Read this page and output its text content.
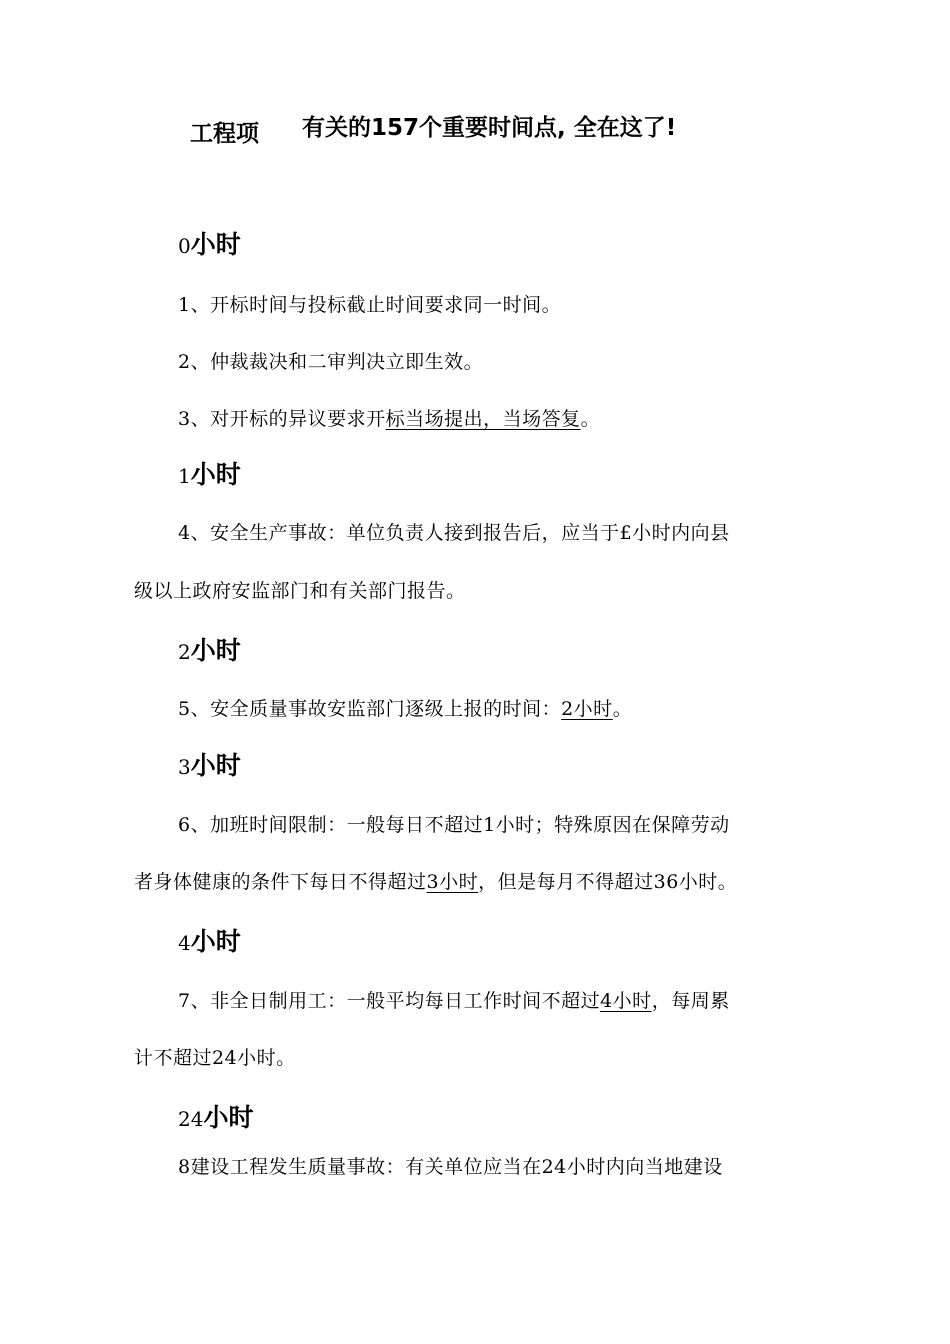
工程项 有关的157个重要时间点, 全在这了!
0小时
1、开标时间与投标截止时间要求同一时间。
2、仲裁裁决和二审判决立即生效。
3、对开标的异议要求开标当场提出，当场答复。
1小时
4、安全生产事故：单位负责人接到报告后，应当于£小时内向县
级以上政府安监部门和有关部门报告。
2小时
5、安全质量事故安监部门逐级上报的时间：2小时。
3小时
6、加班时间限制：一般每日不超过1小时；特殊原因在保障劳动
者身体健康的条件下每日不得超过3小时，但是每月不得超过36小时。
4小时
7、非全日制用工：一般平均每日工作时间不超过4小时，每周累
计不超过24小时。
24小时
8建设工程发生质量事故：有关单位应当在24小时内向当地建设
